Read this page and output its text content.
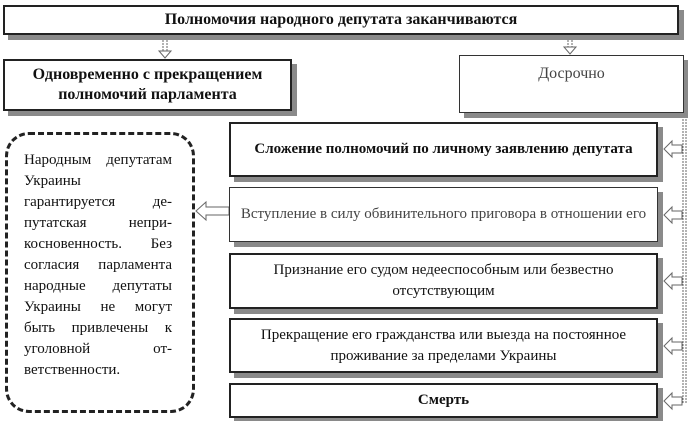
Полномочия народного депутата заканчиваются
Одновременно с прекращением полномочий парламента
Досрочно
Сложение полномочий по личному заявлению депутата
Вступление в силу обвинительного приговора в отношении его
Признание его судом недееспособным или безвестно отсутствующим
Прекращение его гражданства или выезда на постоянное проживание за пределами Украины
Смерть
Народным депутатам Украины гарантируется депутатская неприкосновенность. Без согласия парламента народные депутаты Украины не могут быть привлечены к уголовной ответственности.
